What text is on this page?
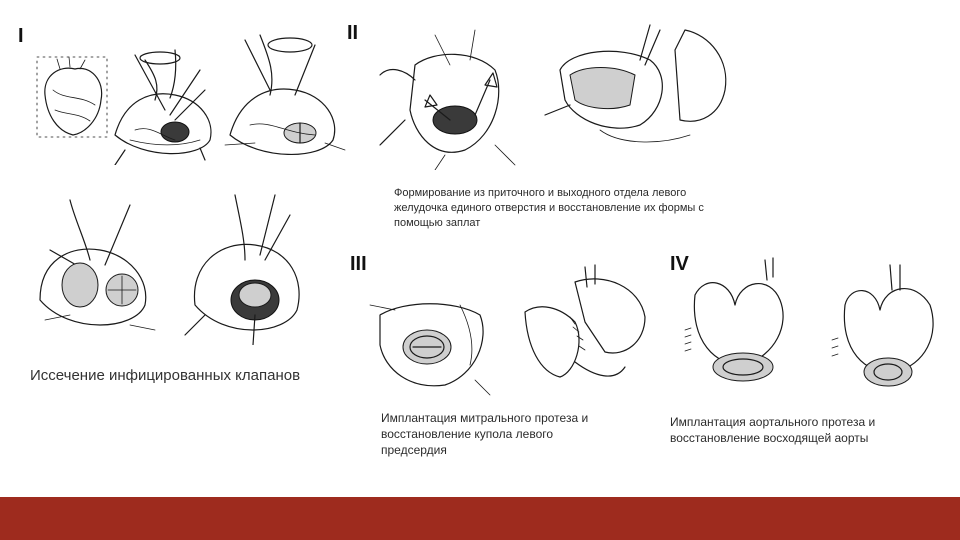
I	II
III	IV
Иссечение инфицированных клапанов
Формирование из приточного и выходного отдела левого
желудочка единого отверстия и восстановление их формы с
помощью заплат
Имплантация митрального протеза и
восстановление купола левого
предсердия
Имплантация аортального протеза и
восстановление восходящей аорты
